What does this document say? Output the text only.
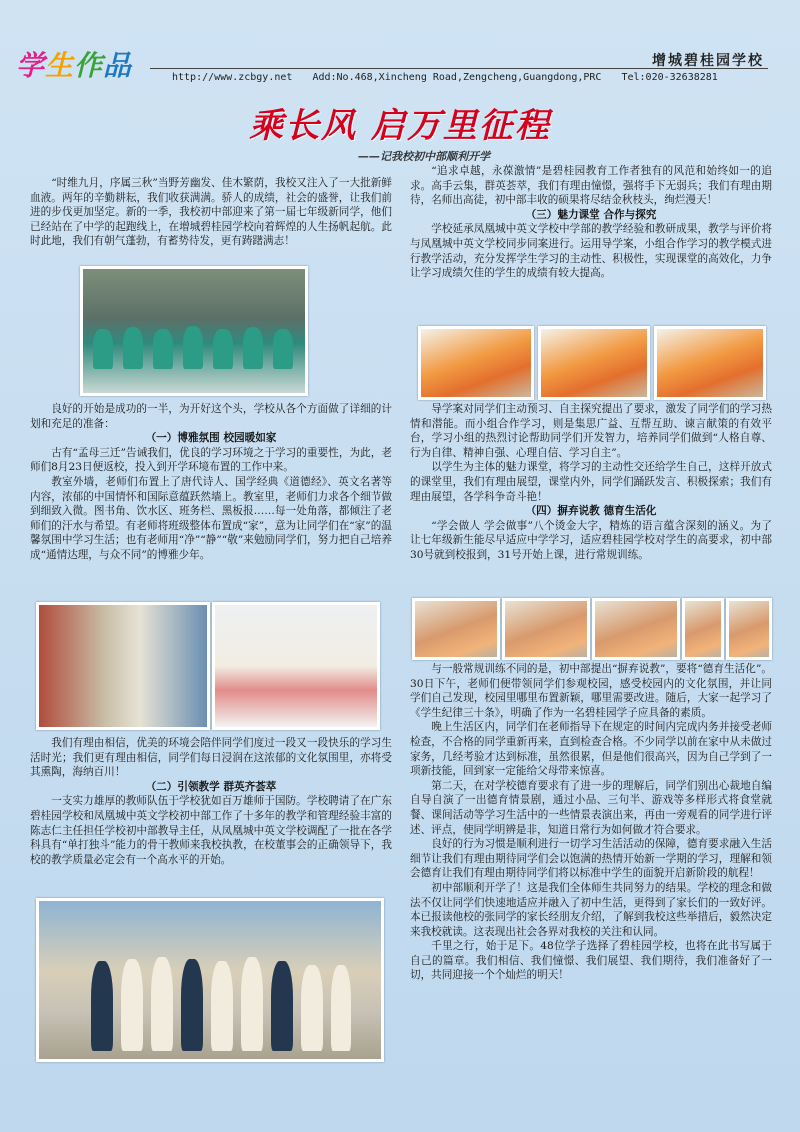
学生作品	增城碧桂园学校
http://www.zcbgy.net Add:No.468,Xincheng Road,Zengcheng,Guangdong,PRC Tel:020-32638281
乘长风 启万里征程
——记我校初中部顺利开学

“时维九月，序属三秋”当野芳幽发、佳木繁荫，我校又注入了一大批新鲜血液。两年的辛勤耕耘，我们收获满满。骄人的成绩，社会的盛誉，让我们前进的步伐更加坚定。新的一季，我校初中部迎来了第一届七年级新同学，他们已经站在了中学的起跑线上，在增城碧桂园学校向着辉煌的人生扬帆起航。此时此地，我们有朝气蓬勃，有蓄势待发，更有踌躇满志！

良好的开始是成功的一半，为开好这个头，学校从各个方面做了详细的计划和充足的准备：

（一）博雅氛围 校园暖如家

古有“孟母三迁”告诫我们，优良的学习环境之于学习的重要性，为此，老师们8月23日便返校，投入到开学环境布置的工作中来。

教室外墙，老师们布置上了唐代诗人、国学经典《道德经》、英文名著等内容，浓郁的中国情怀和国际意蕴跃然墙上。教室里，老师们力求各个细节做到细致入微。图书角、饮水区、班务栏、黑板报……每一处角落，都倾注了老师们的汗水与希望。有老师将班级整体布置成“家”，意为让同学们在“家”的温馨氛围中学习生活；也有老师用“净”“静”“敬”来勉励同学们，努力把自己培养成“通情达理，与众不同”的博雅少年。

我们有理由相信，优美的环境会陪伴同学们度过一段又一段快乐的学习生活时光；我们更有理由相信，同学们每日浸润在这浓郁的文化氛围里，亦将受其熏陶，海纳百川！

（二）引领教学 群英齐荟萃

一支实力雄厚的教师队伍于学校犹如百万雄师于国防。学校聘请了在广东碧桂园学校和凤凰城中英文学校初中部工作了十多年的教学和管理经验丰富的陈志仁主任担任学校初中部教导主任，从凤凰城中英文学校调配了一批在各学科具有“单打独斗”能力的骨干教师来我校执教，在校董事会的正确领导下，我校的教学质量必定会有一个高水平的开始。

“追求卓越，永葆激情”是碧桂园教育工作者独有的风范和始终如一的追求。高手云集，群英荟萃，我们有理由憧憬，强将手下无弱兵；我们有理由期待，名师出高徒，初中部丰收的硕果将尽结金秋枝头，绚烂漫天！

（三）魅力课堂 合作与探究

学校延承凤凰城中英文学校中学部的教学经验和教研成果，教学与评价将与凤凰城中英文学校同步同案进行。运用导学案，小组合作学习的教学模式进行教学活动，充分发挥学生学习的主动性、积极性，实现课堂的高效化，力争让学习成绩欠佳的学生的成绩有较大提高。

导学案对同学们主动预习、自主探究提出了要求，激发了同学们的学习热情和潜能。而小组合作学习，则是集思广益、互帮互助、谏言献策的有效平台，学习小组的热烈讨论帮助同学们开发智力，培养同学们做到“人格自尊、行为自律、精神自强、心理自信、学习自主”。

以学生为主体的魅力课堂，将学习的主动性交还给学生自己，这样开放式的课堂里，我们有理由展望，课堂内外，同学们踊跃发言、积极探索；我们有理由展望，各学科争奇斗艳！

（四）摒弃说教 德育生活化

“学会做人 学会做事”八个烫金大字，精炼的语言蕴含深刻的涵义。为了让七年级新生能尽早适应中学学习，适应碧桂园学校对学生的高要求，初中部30号就到校报到，31号开始上课，进行常规训练。

与一般常规训练不同的是，初中部提出“摒弃说教”，要将“德育生活化”。30日下午，老师们便带领同学们参观校园，感受校园内的文化氛围，并让同学们自己发现，校园里哪里布置新颖，哪里需要改进。随后，大家一起学习了《学生纪律三十条》，明确了作为一名碧桂园学子应具备的素质。

晚上生活区内，同学们在老师指导下在规定的时间内完成内务并接受老师检查，不合格的同学重新再来，直到检查合格。不少同学以前在家中从未做过家务，几经考验才达到标准，虽然很累，但是他们很高兴，因为自己学到了一项新技能，回到家一定能给父母带来惊喜。

第二天，在对学校德育要求有了进一步的理解后，同学们别出心裁地自编自导自演了一出德育情景剧，通过小品、三句半、游戏等多样形式将食堂就餐、课间活动等学习生活中的一些情景表演出来，再由一旁观看的同学进行评述、评点，使同学明辨是非，知道日常行为如何做才符合要求。

良好的行为习惯是顺利进行一切学习生活活动的保障，德育要求融入生活细节让我们有理由期待同学们会以饱满的热情开始新一学期的学习，理解和领会德育让我们有理由期待同学们将以标准中学生的面貌开启新阶段的航程！

初中部顺利开学了！这是我们全体师生共同努力的结果。学校的理念和做法不仅让同学们快速地适应并融入了初中生活，更得到了家长们的一致好评。本已报读他校的张同学的家长经朋友介绍，了解到我校这些举措后，毅然决定来我校就读。这表现出社会各界对我校的关注和认同。

千里之行，始于足下。48位学子选择了碧桂园学校，也将在此书写属于自己的篇章。我们相信、我们憧憬、我们展望、我们期待，我们准备好了一切，共同迎接一个个灿烂的明天！
